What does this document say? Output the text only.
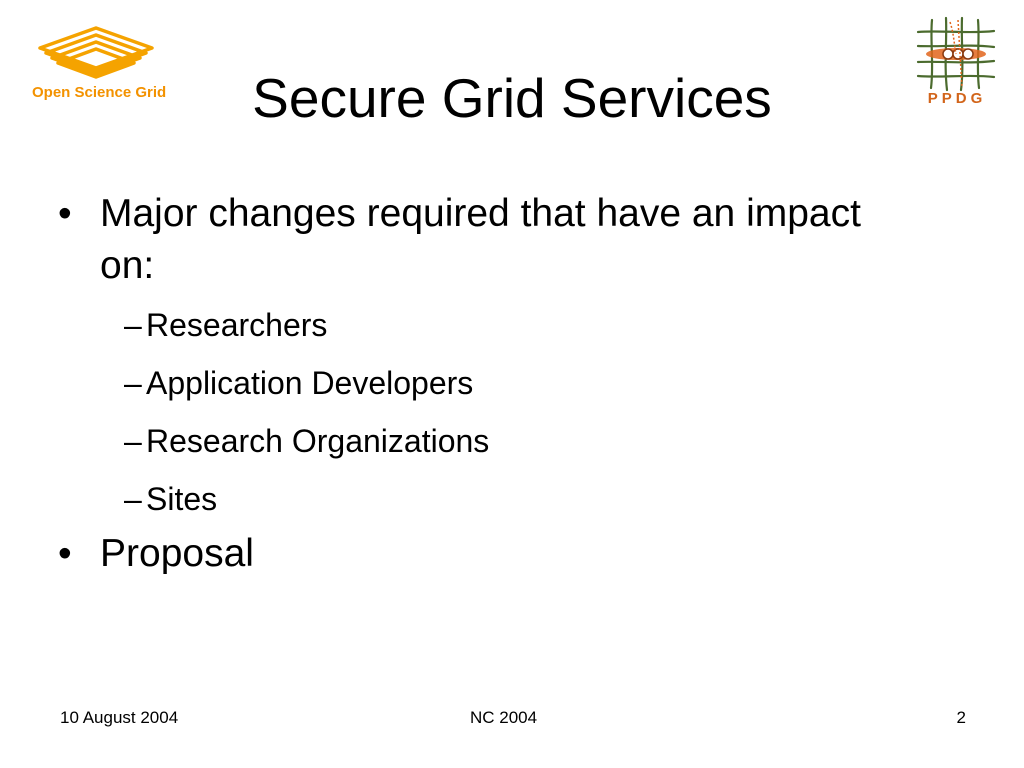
Open Science Grid	Secure Grid Services	PPDG
• Major changes required that have an impact on:
– Researchers
– Application Developers
– Research Organizations
– Sites
• Proposal
10 August 2004	NC 2004	2
